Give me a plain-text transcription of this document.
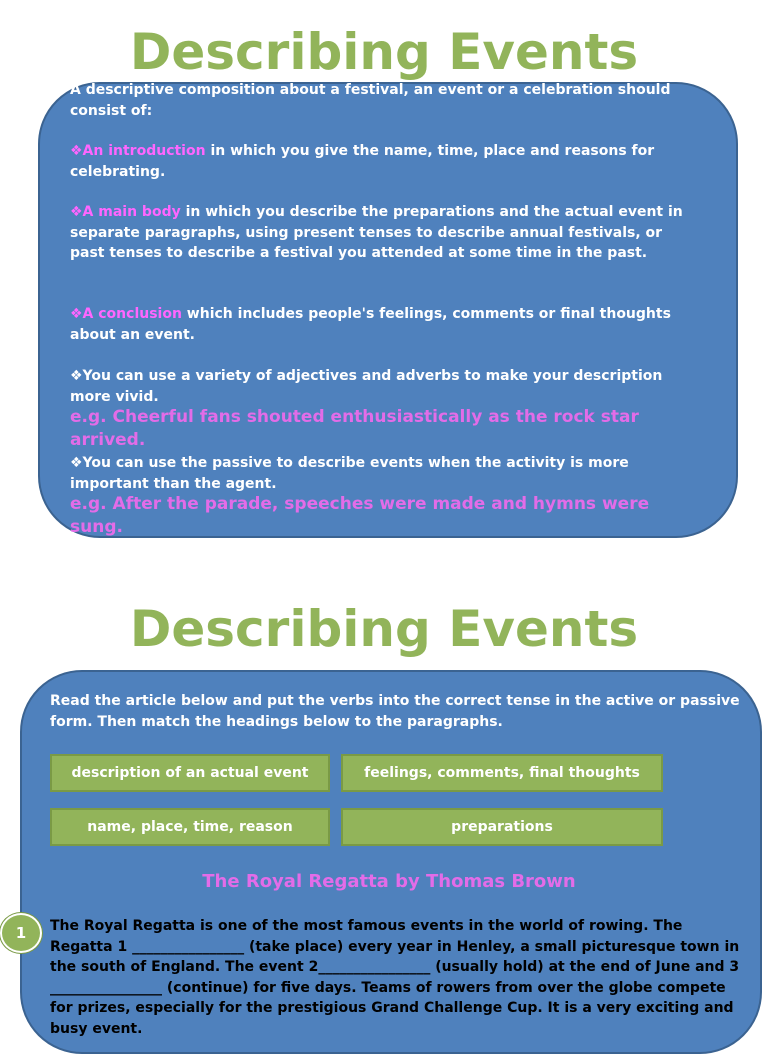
Describing Events
A descriptive composition about a festival, an event or a celebration should consist of:
❖An introduction in which you give the name, time, place and reasons for celebrating.
❖A main body in which you describe the preparations and the actual event in separate paragraphs, using present tenses to describe annual festivals, or past tenses to describe a festival you attended at some time in the past.
❖A conclusion which includes people's feelings, comments or final thoughts about an event.
❖You can use a variety of adjectives and adverbs to make your description more vivid.
e.g. Cheerful fans shouted enthusiastically as the rock star arrived.
❖You can use the passive to describe events when the activity is more important than the agent.
e.g. After the parade, speeches were made and hymns were sung.
Describing Events
Read the article below and put the verbs into the correct tense in the active or passive form. Then match the headings below to the paragraphs.
description of an actual event	feelings, comments, final thoughts
name, place, time, reason	preparations
The Royal Regatta by Thomas Brown
1	The Royal Regatta is one of the most famous events in the world of rowing. The Regatta 1 ________________ (take place) every year in Henley, a small picturesque town in the south of England. The event 2________________ (usually hold) at the end of June and 3 ________________ (continue) for five days. Teams of rowers from over the globe compete for prizes, especially for the prestigious Grand Challenge Cup. It is a very exciting and busy event.
